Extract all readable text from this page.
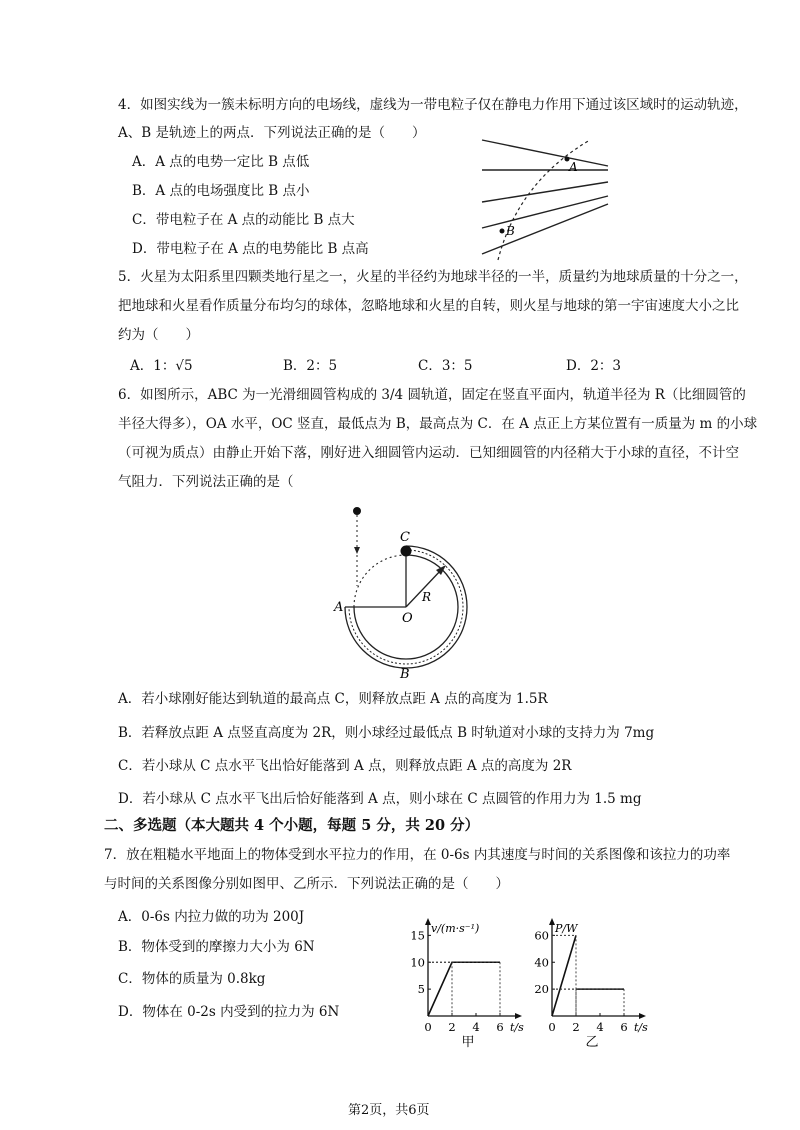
4．如图实线为一簇未标明方向的电场线，虚线为一带电粒子仅在静电力作用下通过该区域时的运动轨迹，
A、B 是轨迹上的两点．下列说法正确的是（　　）
A．A 点的电势一定比 B 点低
B．A 点的电场强度比 B 点小
C．带电粒子在 A 点的动能比 B 点大
D．带电粒子在 A 点的电势能比 B 点高
A
B
5．火星为太阳系里四颗类地行星之一，火星的半径约为地球半径的一半，质量约为地球质量的十分之一，
把地球和火星看作质量分布均匀的球体，忽略地球和火星的自转，则火星与地球的第一宇宙速度大小之比
约为（　　）
A．1：√5	B．2：5	C．3：5	D．2：3
6．如图所示，ABC 为一光滑细圆管构成的 3/4 圆轨道，固定在竖直平面内，轨道半径为 R（比细圆管的
半径大得多），OA 水平，OC 竖直，最低点为 B，最高点为 C．在 A 点正上方某位置有一质量为 m 的小球
（可视为质点）由静止开始下落，刚好进入细圆管内运动．已知细圆管的内径稍大于小球的直径，不计空
气阻力．下列说法正确的是（
C
A
O
R
B
A．若小球刚好能达到轨道的最高点 C，则释放点距 A 点的高度为 1.5R
B．若释放点距 A 点竖直高度为 2R，则小球经过最低点 B 时轨道对小球的支持力为 7mg
C．若小球从 C 点水平飞出恰好能落到 A 点，则释放点距 A 点的高度为 2R
D．若小球从 C 点水平飞出后恰好能落到 A 点，则小球在 C 点圆管的作用力为 1.5 mg
二、多选题（本大题共 4 个小题，每题 5 分，共 20 分）
7．放在粗糙水平地面上的物体受到水平拉力的作用，在 0-6s 内其速度与时间的关系图像和该拉力的功率
与时间的关系图像分别如图甲、乙所示．下列说法正确的是（　　）
A．0-6s 内拉力做的功为 200J
B．物体受到的摩擦力大小为 6N
C．物体的质量为 0.8kg
D．物体在 0-2s 内受到的拉力为 6N
5
10
15
0 2 4 6
v/(m·s⁻¹)
t/s
甲
20
40
60
0 2 4 6
P/W
t/s
乙
第2页，共6页
